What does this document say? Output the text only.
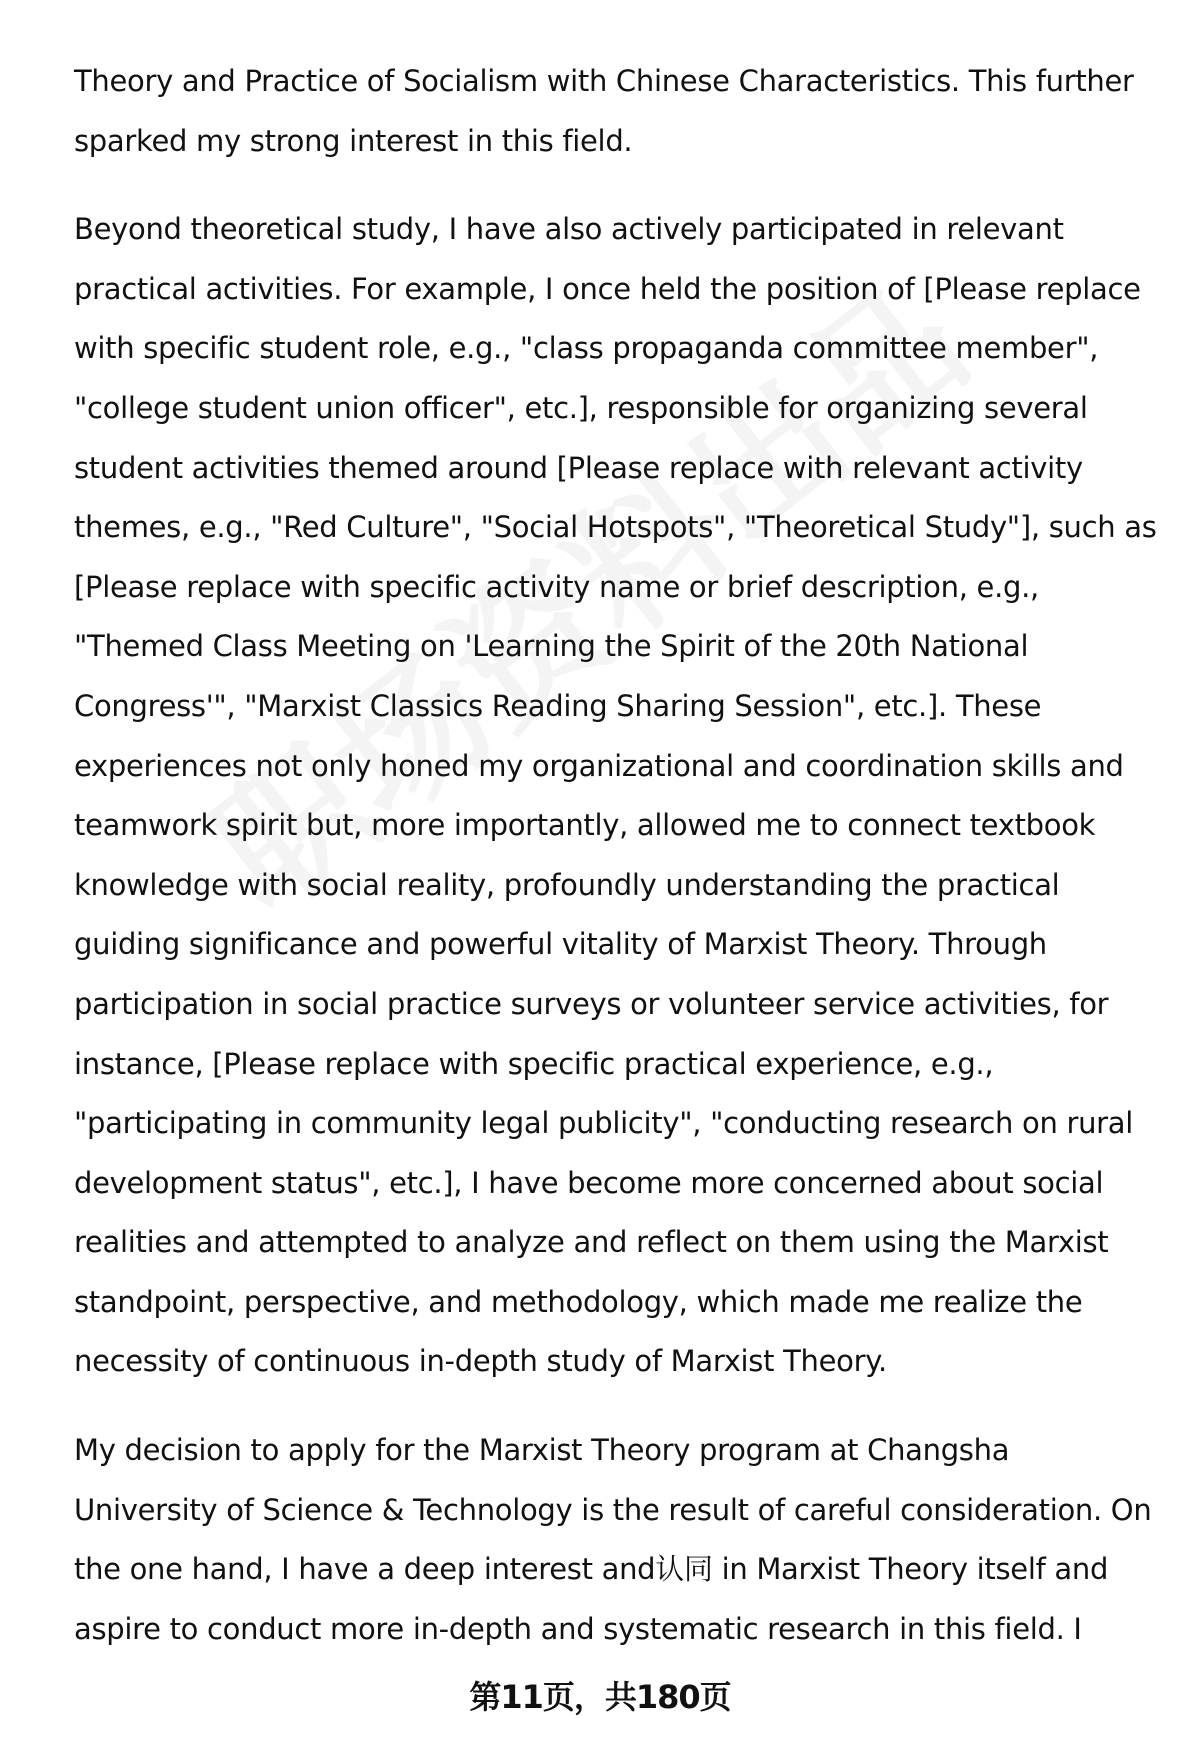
Theory and Practice of Socialism with Chinese Characteristics. This further
sparked my strong interest in this field.

Beyond theoretical study, I have also actively participated in relevant
practical activities. For example, I once held the position of [Please replace
with specific student role, e.g., "class propaganda committee member",
"college student union officer", etc.], responsible for organizing several
student activities themed around [Please replace with relevant activity
themes, e.g., "Red Culture", "Social Hotspots", "Theoretical Study"], such as
[Please replace with specific activity name or brief description, e.g.,
"Themed Class Meeting on 'Learning the Spirit of the 20th National
Congress'", "Marxist Classics Reading Sharing Session", etc.]. These
experiences not only honed my organizational and coordination skills and
teamwork spirit but, more importantly, allowed me to connect textbook
knowledge with social reality, profoundly understanding the practical
guiding significance and powerful vitality of Marxist Theory. Through
participation in social practice surveys or volunteer service activities, for
instance, [Please replace with specific practical experience, e.g.,
"participating in community legal publicity", "conducting research on rural
development status", etc.], I have become more concerned about social
realities and attempted to analyze and reflect on them using the Marxist
standpoint, perspective, and methodology, which made me realize the
necessity of continuous in-depth study of Marxist Theory.

My decision to apply for the Marxist Theory program at Changsha
University of Science & Technology is the result of careful consideration. On
the one hand, I have a deep interest and认同 in Marxist Theory itself and
aspire to conduct more in-depth and systematic research in this field. I

第11页，共180页
